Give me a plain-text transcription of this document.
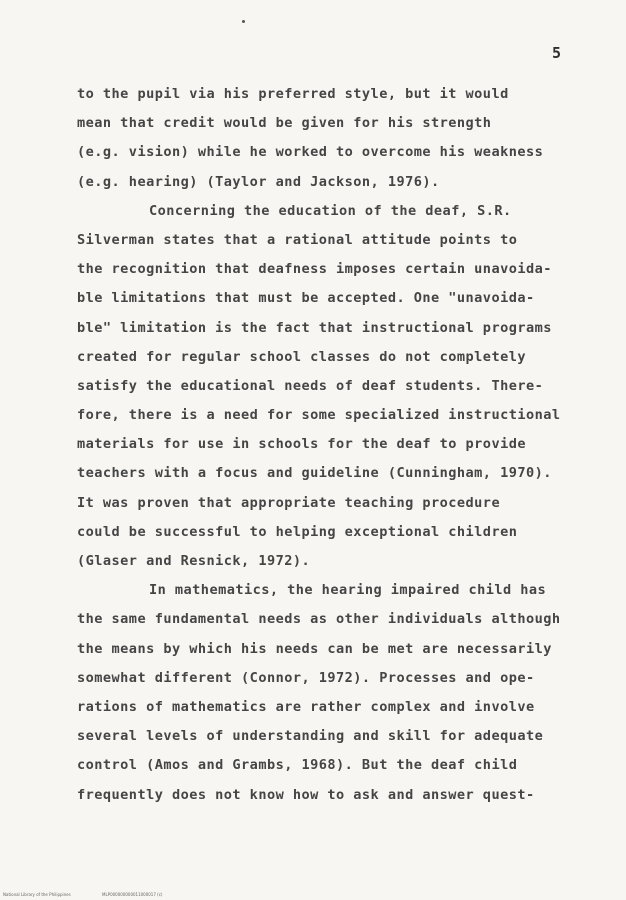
5
to the pupil via his preferred style, but it would
mean that credit would be given for his strength
(e.g. vision) while he worked to overcome his weakness
(e.g. hearing) (Taylor and Jackson, 1976).
Concerning the education of the deaf, S.R.
Silverman states that a rational attitude points to
the recognition that deafness imposes certain unavoida-
ble limitations that must be accepted. One "unavoida-
ble" limitation is the fact that instructional programs
created for regular school classes do not completely
satisfy the educational needs of deaf students. There-
fore, there is a need for some specialized instructional
materials for use in schools for the deaf to provide
teachers with a focus and guideline (Cunningham, 1970).
It was proven that appropriate teaching procedure
could be successful to helping exceptional children
(Glaser and Resnick, 1972).
In mathematics, the hearing impaired child has
the same fundamental needs as other individuals although
the means by which his needs can be met are necessarily
somewhat different (Connor, 1972). Processes and ope-
rations of mathematics are rather complex and involve
several levels of understanding and skill for adequate
control (Amos and Grambs, 1968). But the deaf child
frequently does not know how to ask and answer quest-
National Library of the Philippines	MLP000000000011000017 (c)
